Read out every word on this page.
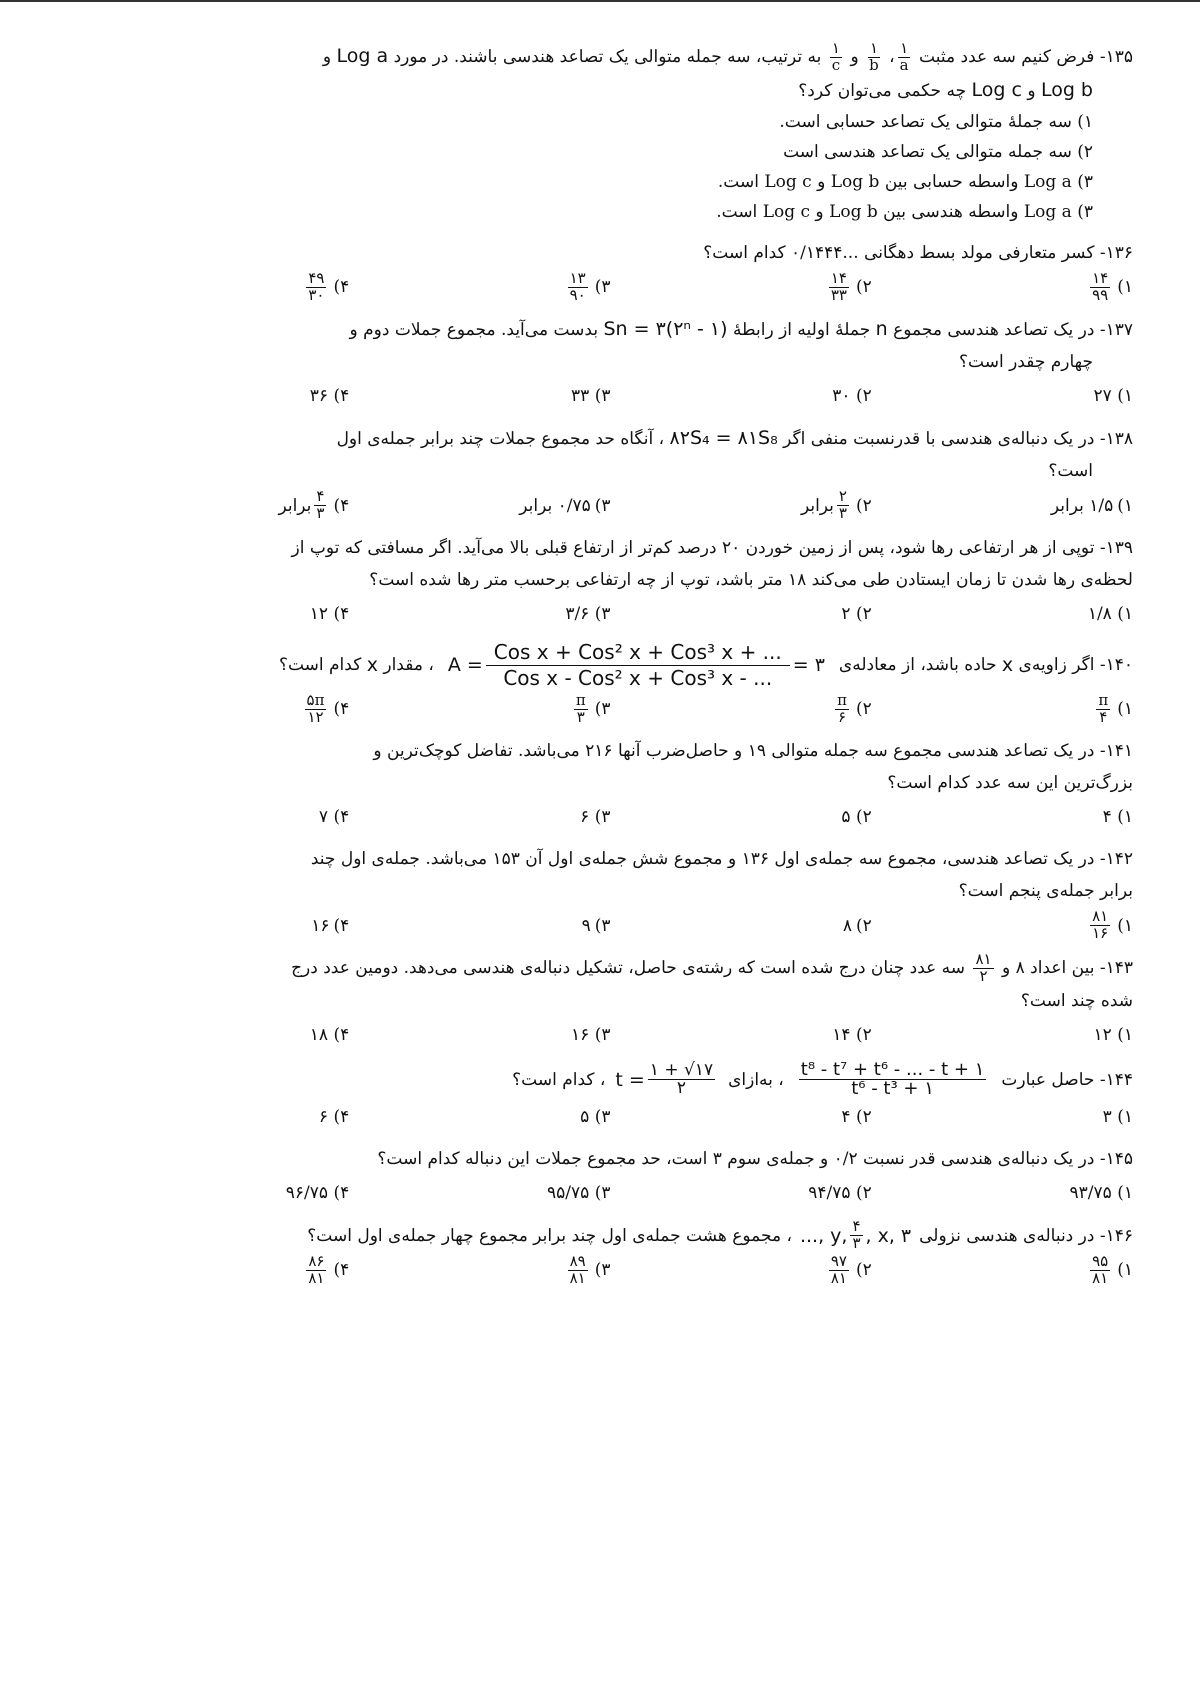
۱۳۵- فرض کنیم سه عدد مثبت
$\frac{۱}{a}$
،
$\frac{۱}{b}$
و
$\frac{۱}{c}$
به ترتیب، سه جمله متوالی یک تصاعد هندسی باشند. در مورد Log a و
Log b و Log c چه حکمی می‌توان کرد؟
۱) سه جملهٔ متوالی یک تصاعد حسابی است.
۲) سه جمله متوالی یک تصاعد هندسی است
۳) Log a واسطه حسابی بین Log b و Log c است.
۳) Log a واسطه هندسی بین Log b و Log c است.
۱۳۶- کسر متعارفی مولد بسط دهگانی ...۰/۱۴۴۴ کدام است؟
۱)
$\frac{۱۴}{۹۹}$
۲)
$\frac{۱۴}{۳۳}$
۳)
$\frac{۱۳}{۹۰}$
۴)
$\frac{۴۹}{۳۰}$
۱۳۷- در یک تصاعد هندسی مجموع n جملهٔ اولیه از رابطهٔ Sn = ۳(۲ⁿ - ۱) بدست می‌آید. مجموع جملات دوم و
چهارم چقدر است؟
۱) ۲۷
۲) ۳۰
۳) ۳۳
۴) ۳۶
۱۳۸- در یک دنباله‌ی هندسی با قدرنسبت منفی اگر ۸۲S₄ = ۸۱S₈ ، آنگاه حد مجموع جملات چند برابر جمله‌ی اول
است؟
۱)
۱/۵

برابر
۲)
$\frac{۲}{۳}$
برابر
۳)
۰/۷۵

برابر
۴)
$\frac{۴}{۳}$
برابر
۱۳۹- توپی از هر ارتفاعی رها شود، پس از زمین خوردن ۲۰ درصد کم‌تر از ارتفاع قبلی بالا می‌آید. اگر مسافتی که توپ از
لحظه‌ی رها شدن تا زمان ایستادن طی می‌کند ۱۸ متر باشد، توپ از چه ارتفاعی برحسب متر رها شده است؟
۱) ۱/۸
۲) ۲
۳) ۳/۶
۴) ۱۲
۱۴۰-

اگر زاویه‌ی

x

حاده باشد، از معادله‌ی
$A = \frac{\text{Cos x + Cos² x + Cos³ x + ...}}{\text{Cos x - Cos² x + Cos³ x - ...}}$ = ۳
، مقدار

x

کدام است؟
۱)
$\frac{\pi}{۴}$
۲)
$\frac{\pi}{۶}$
۳)
$\frac{\pi}{۳}$
۴)
$\frac{۵\pi}{۱۲}$
۱۴۱- در یک تصاعد هندسی مجموع سه جمله متوالی ۱۹ و حاصل‌ضرب آنها ۲۱۶ می‌باشد. تفاضل کوچک‌ترین و
بزرگ‌ترین این سه عدد کدام است؟
۱) ۴
۲) ۵
۳) ۶
۴) ۷
۱۴۲- در یک تصاعد هندسی، مجموع سه جمله‌ی اول ۱۳۶ و مجموع شش جمله‌ی اول آن ۱۵۳ می‌باشد. جمله‌ی اول چند
برابر جمله‌ی پنجم است؟
۱)
$\frac{۸۱}{۱۶}$
۲)
۸
۳)
۹
۴)
۱۶
۱۴۳- بین اعداد ۸ و
$\frac{۸۱}{۲}$
سه عدد چنان درج شده است که رشته‌ی حاصل، تشکیل دنباله‌ی هندسی می‌دهد. دومین عدد درج
شده چند است؟
۱) ۱۲
۲) ۱۴
۳) ۱۶
۴) ۱۸
۱۴۴-

حاصل عبارت
$\frac{\text{t⁸ - t⁷ + t⁶ - ... - t + ۱}}{\text{t⁶ - t³ + ۱}}$
، به‌ازای
$t = \frac{۱ + √۱۷}{۲}$
، کدام است؟
۱) ۳
۲) ۴
۳) ۵
۴) ۶
۱۴۵- در یک دنباله‌ی هندسی قدر نسبت ۰/۲ و جمله‌ی سوم ۳ است، حد مجموع جملات این دنباله کدام است؟
۱) ۹۳/۷۵
۲) ۹۴/۷۵
۳) ۹۵/۷۵
۴) ۹۶/۷۵
۱۴۶-

در دنباله‌ی هندسی نزولی
..., y, $\frac{۴}{۳}$ , x, ۳
، مجموع هشت جمله‌ی اول چند برابر مجموع چهار جمله‌ی اول است؟
۱)
$\frac{۹۵}{۸۱}$
۲)
$\frac{۹۷}{۸۱}$
۳)
$\frac{۸۹}{۸۱}$
۴)
$\frac{۸۶}{۸۱}$
